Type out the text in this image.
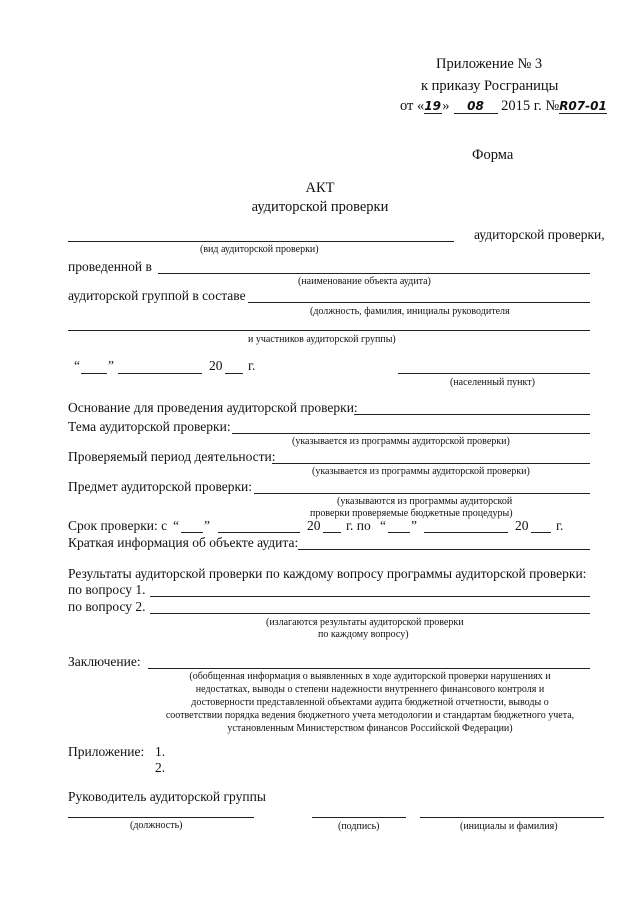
Приложение № 3
к приказу Росграницы
от «19» 08 2015 г. №R07-01
Форма
АКТ
аудиторской проверки
аудиторской проверки,
(вид аудиторской проверки)
проведенной в
(наименование объекта аудита)
аудиторской группой в составе
(должность, фамилия, инициалы руководителя
и участников аудиторской группы)
“ ”	20 г.
(населенный пункт)
Основание для проведения аудиторской проверки:
Тема аудиторской проверки:
(указывается из программы аудиторской проверки)
Проверяемый период деятельности:
(указывается из программы аудиторской проверки)
Предмет аудиторской проверки:
(указываются из программы аудиторской
проверки проверяемые бюджетные процедуры)
Срок проверки: с “ ”	20 г. по “ ”	20 г.
Краткая информация об объекте аудита:
Результаты аудиторской проверки по каждому вопросу программы аудиторской проверки:
по вопросу 1.
по вопросу 2.
(излагаются результаты аудиторской проверки
по каждому вопросу)
Заключение:
(обобщенная информация о выявленных в ходе аудиторской проверки нарушениях и
недостатках, выводы о степени надежности внутреннего финансового контроля и
достоверности представленной объектами аудита бюджетной отчетности, выводы о
соответствии порядка ведения бюджетного учета методологии и стандартам бюджетного учета,
установленным Министерством финансов Российской Федерации)
Приложение: 1.
2.
Руководитель аудиторской группы
(должность)	(подпись)	(инициалы и фамилия)
